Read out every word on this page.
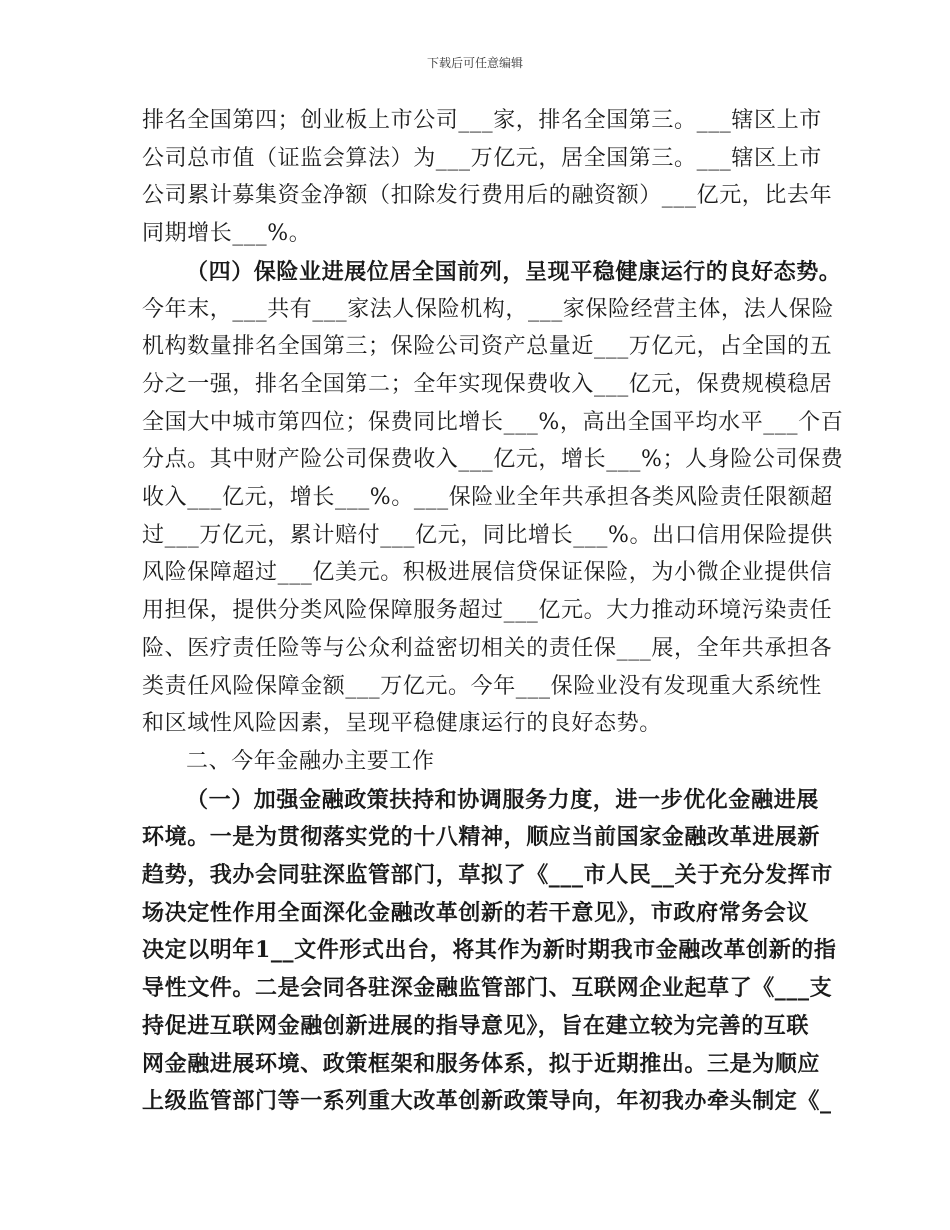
下载后可任意编辑
排名全国第四；创业板上市公司___家，排名全国第三。___辖区上市
公司总市值（证监会算法）为___万亿元，居全国第三。___辖区上市
公司累计募集资金净额（扣除发行费用后的融资额）___亿元，比去年
同期增长___%。
（四）保险业进展位居全国前列，呈现平稳健康运行的良好态势。
今年末，___共有___家法人保险机构，___家保险经营主体，法人保险
机构数量排名全国第三；保险公司资产总量近___万亿元，占全国的五
分之一强，排名全国第二；全年实现保费收入___亿元，保费规模稳居
全国大中城市第四位；保费同比增长___%，高出全国平均水平___个百
分点。其中财产险公司保费收入___亿元，增长___%；人身险公司保费
收入___亿元，增长___%。___保险业全年共承担各类风险责任限额超
过___万亿元，累计赔付___亿元，同比增长___%。出口信用保险提供
风险保障超过___亿美元。积极进展信贷保证保险，为小微企业提供信
用担保，提供分类风险保障服务超过___亿元。大力推动环境污染责任
险、医疗责任险等与公众利益密切相关的责任保___展，全年共承担各
类责任风险保障金额___万亿元。今年___保险业没有发现重大系统性
和区域性风险因素，呈现平稳健康运行的良好态势。
二、今年金融办主要工作
（一）加强金融政策扶持和协调服务力度，进一步优化金融进展
环境。一是为贯彻落实党的十八精神，顺应当前国家金融改革进展新
趋势，我办会同驻深监管部门，草拟了《___市人民__关于充分发挥市
场决定性作用全面深化金融改革创新的若干意见》，市政府常务会议
决定以明年1__文件形式出台，将其作为新时期我市金融改革创新的指
导性文件。二是会同各驻深金融监管部门、互联网企业起草了《___支
持促进互联网金融创新进展的指导意见》，旨在建立较为完善的互联
网金融进展环境、政策框架和服务体系，拟于近期推出。三是为顺应
上级监管部门等一系列重大改革创新政策导向，年初我办牵头制定《_
